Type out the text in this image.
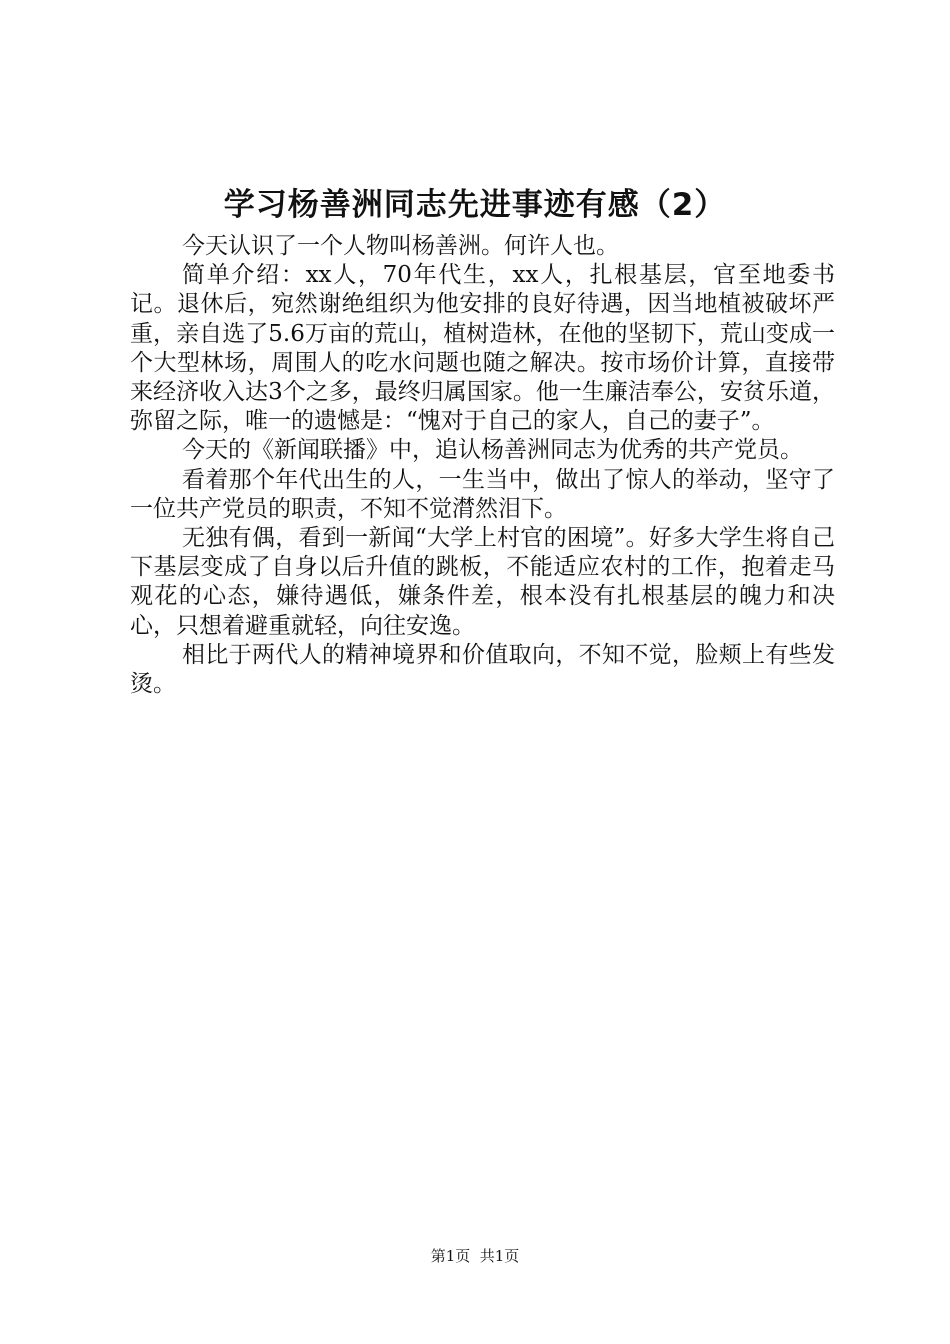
学习杨善洲同志先进事迹有感（2）

今天认识了一个人物叫杨善洲。何许人也。

简单介绍：xx人，70年代生，xx人，扎根基层，官至地委书记。退休后，宛然谢绝组织为他安排的良好待遇，因当地植被破坏严重，亲自选了5.6万亩的荒山，植树造林，在他的坚韧下，荒山变成一个大型林场，周围人的吃水问题也随之解决。按市场价计算，直接带来经济收入达3个之多，最终归属国家。他一生廉洁奉公，安贫乐道，弥留之际，唯一的遗憾是：“愧对于自己的家人，自己的妻子”。

今天的《新闻联播》中，追认杨善洲同志为优秀的共产党员。

看着那个年代出生的人，一生当中，做出了惊人的举动，坚守了一位共产党员的职责，不知不觉潸然泪下。

无独有偶，看到一新闻“大学上村官的困境”。好多大学生将自己下基层变成了自身以后升值的跳板，不能适应农村的工作，抱着走马观花的心态，嫌待遇低，嫌条件差，根本没有扎根基层的魄力和决心，只想着避重就轻，向往安逸。

相比于两代人的精神境界和价值取向，不知不觉，脸颊上有些发烫。

第1页  共1页
